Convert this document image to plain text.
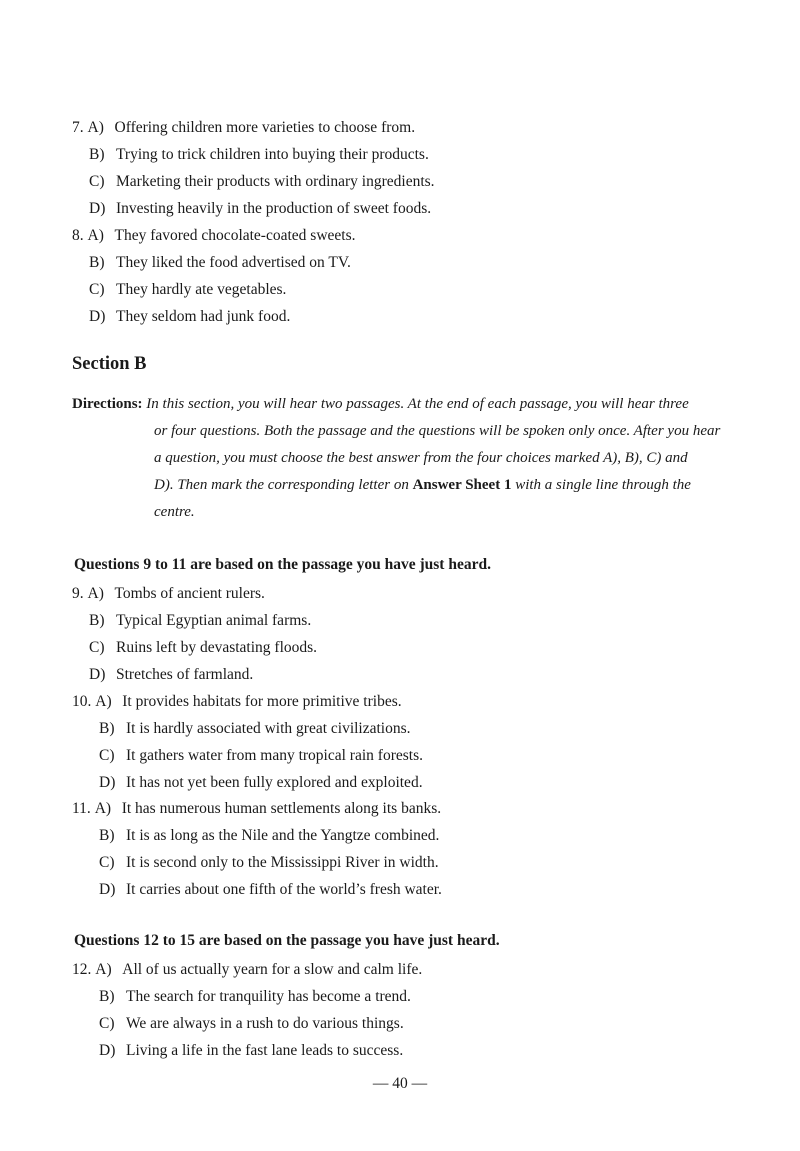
7. A) Offering children more varieties to choose from.
B) Trying to trick children into buying their products.
C) Marketing their products with ordinary ingredients.
D) Investing heavily in the production of sweet foods.
8. A) They favored chocolate-coated sweets.
B) They liked the food advertised on TV.
C) They hardly ate vegetables.
D) They seldom had junk food.
Section B
Directions: In this section, you will hear two passages. At the end of each passage, you will hear three
or four questions. Both the passage and the questions will be spoken only once. After you hear
a question, you must choose the best answer from the four choices marked A), B), C) and
D). Then mark the corresponding letter on Answer Sheet 1 with a single line through the
centre.
Questions 9 to 11 are based on the passage you have just heard.
9. A) Tombs of ancient rulers.
B) Typical Egyptian animal farms.
C) Ruins left by devastating floods.
D) Stretches of farmland.
10. A) It provides habitats for more primitive tribes.
B) It is hardly associated with great civilizations.
C) It gathers water from many tropical rain forests.
D) It has not yet been fully explored and exploited.
11. A) It has numerous human settlements along its banks.
B) It is as long as the Nile and the Yangtze combined.
C) It is second only to the Mississippi River in width.
D) It carries about one fifth of the world’s fresh water.
Questions 12 to 15 are based on the passage you have just heard.
12. A) All of us actually yearn for a slow and calm life.
B) The search for tranquility has become a trend.
C) We are always in a rush to do various things.
D) Living a life in the fast lane leads to success.
— 40 —
